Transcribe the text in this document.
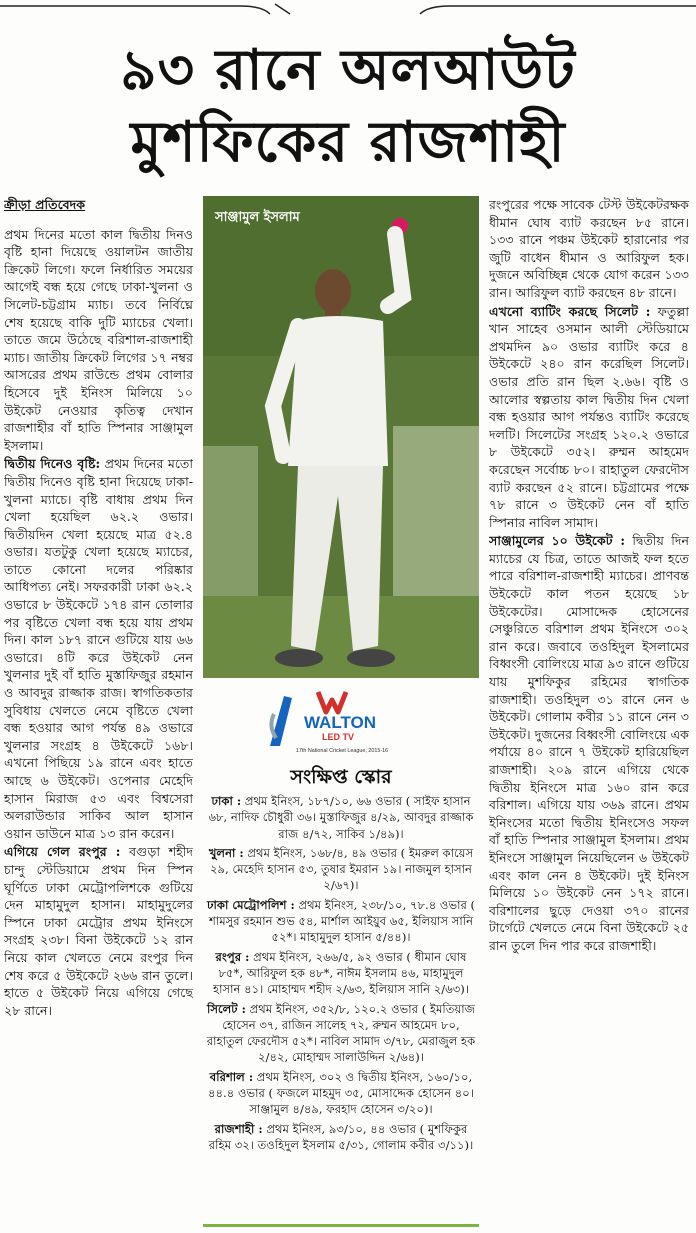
৯৩ রানে অলআউট
মুশফিকের রাজশাহী

ক্রীড়া প্রতিবেদক

প্রথম দিনের মতো কাল দ্বিতীয় দিনও বৃষ্টি হানা দিয়েছে ওয়ালটন জাতীয় ক্রিকেট লিগে। ফলে নির্ধারিত সময়ের আগেই বন্ধ হয়ে গেছে ঢাকা-খুলনা ও সিলেট-চট্টগ্রাম ম্যাচ। তবে নির্বিঘ্নে শেষ হয়েছে বাকি দুটি ম্যাচের খেলা। তাতে জমে উঠেছে বরিশাল-রাজশাহী ম্যাচ। জাতীয় ক্রিকেট লিগের ১৭ নম্বর আসরের প্রথম রাউন্ডে প্রথম বোলার হিসেবে দুই ইনিংস মিলিয়ে ১০ উইকেট নেওয়ার কৃতিত্ব দেখান রাজশাহীর বাঁ হাতি স্পিনার সাঞ্জামুল ইসলাম।

দ্বিতীয় দিনেও বৃষ্টি: প্রথম দিনের মতো দ্বিতীয় দিনেও বৃষ্টি হানা দিয়েছে ঢাকা-খুলনা ম্যাচে। বৃষ্টি বাধায় প্রথম দিন খেলা হয়েছিল ৬২.২ ওভার। দ্বিতীয়দিন খেলা হয়েছে মাত্র ৫২.৪ ওভার। যতটুকু খেলা হয়েছে ম্যাচের, তাতে কোনো দলের পরিষ্কার আধিপত্য নেই। সফরকারী ঢাকা ৬২.২ ওভারে ৮ উইকেটে ১৭৪ রান তোলার পর বৃষ্টিতে খেলা বন্ধ হয়ে যায় প্রথম দিন। কাল ১৮৭ রানে গুটিয়ে যায় ৬৬ ওভারে। ৪টি করে উইকেট নেন খুলনার দুই বাঁ হাতি মুস্তাফিজুর রহমান ও আবদুর রাজ্জাক রাজ। স্বাগতিকতার সুবিধায় খেলতে নেমে বৃষ্টিতে খেলা বন্ধ হওয়ার আগ পর্যন্ত ৪৯ ওভারে খুলনার সংগ্রহ ৪ উইকেটে ১৬৮। এখনো পিছিয়ে ১৯ রানে এবং হাতে আছে ৬ উইকেট। ওপেনার মেহেদি হাসান মিরাজ ৫৩ এবং বিশ্বসেরা অলরাউন্ডার সাকিব আল হাসান ওয়ান ডাউনে মাত্র ১৩ রান করেন।

এগিয়ে গেল রংপুর : বগুড়া শহীদ চান্দু স্টেডিয়ামে প্রথম দিন স্পিন ঘূর্ণিতে ঢাকা মেট্রোপলিশকে গুটিয়ে দেন মাহামুদুল হাসান। মাহামুদুলের স্পিনে ঢাকা মেট্রোর প্রথম ইনিংসে সংগ্রহ ২৩৮। বিনা উইকেটে ১২ রান নিয়ে কাল খেলতে নেমে রংপুর দিন শেষ করে ৫ উইকেটে ২৬৬ রান তুলে। হাতে ৫ উইকেট নিয়ে এগিয়ে গেছে ২৮ রানে।

সাঞ্জামুল ইসলাম
WALTON
LED TV
17th National Cricket League, 2015-16
সংক্ষিপ্ত স্কোর

ঢাকা : প্রথম ইনিংস, ১৮৭/১০, ৬৬ ওভার ( সাইফ হাসান ৬৮, নাদিফ চৌধুরী ৩৬। মুস্তাফিজুর ৪/২৯, আবদুর রাজ্জাক রাজ ৪/৭২, সাকিব ১/৪৯)।

খুলনা : প্রথম ইনিংস, ১৬৮/৪, ৪৯ ওভার ( ইমরুল কায়েস ২৯, মেহেদি হাসান ৫৩, তুষার ইমরান ১৯। নাজমুল হাসান ২/৬৭)।

ঢাকা মেট্রোপলিশ : প্রথম ইনিংস, ২৩৮/১০, ৭৮.৪ ওভার ( শামসুর রহমান শুভ ৫৪, মার্শাল আইয়ুব ৬৫, ইলিয়াস সানি ৫২*। মাহামুদুল হাসান ৫/৪৪)।

রংপুর : প্রথম ইনিংস, ২৬৬/৫, ৯২ ওভার ( ধীমান ঘোষ ৮৫*, আরিফুল হক ৪৮*, নাঈম ইসলাম ৪৬, মাহামুদুল হাসান ৪১। মোহাম্মদ শহীদ ২/৬৩, ইলিয়াস সানি ২/৬৩)।

সিলেট : প্রথম ইনিংস, ৩৫২/৮, ১২০.২ ওভার ( ইমতিয়াজ হোসেন ৩৭, রাজিন সালেহ ৭২, রুম্মন আহমেদ ৮০, রাহাতুল ফেরদৌস ৫২*। নাবিল সামাদ ৩/৭৮, মেরাজুল হক ২/৪২, মোহাম্মদ সালাউদ্দিন ২/৬৪)।

বরিশাল : প্রথম ইনিংস, ৩০২ ও দ্বিতীয় ইনিংস, ১৬০/১০, ৪৪.৪ ওভার ( ফজলে মাহমুদ ৩৫, মোসাদ্দেক হোসেন ৪০। সাঞ্জামুল ৪/৪৯, ফরহাদ হোসেন ৩/২০)।

রাজশাহী : প্রথম ইনিংস, ৯৩/১০, ৪৪ ওভার ( মুশফিকুর রহিম ৩২। তওহিদুল ইসলাম ৫/৩১, গোলাম কবীর ৩/১১)।

রংপুরের পক্ষে সাবেক টেস্ট উইকেটরক্ষক ধীমান ঘোষ ব্যাট করছেন ৮৫ রানে। ১৩৩ রানে পঞ্চম উইকেট হারানোর পর জুটি বাধেন ধীমান ও আরিফুল হক। দুজনে অবিচ্ছিন্ন থেকে যোগ করেন ১৩৩ রান। আরিফুল ব্যাট করছেন ৪৮ রানে।

এখনো ব্যাটিং করছে সিলেট : ফতুল্লা খান সাহেব ওসমান আলী স্টেডিয়ামে প্রথমদিন ৯০ ওভার ব্যাটিং করে ৪ উইকেটে ২৪০ রান করেছিল সিলেট। ওভার প্রতি রান ছিল ২.৬৬। বৃষ্টি ও আলোর স্বল্পতায় কাল দ্বিতীয় দিন খেলা বন্ধ হওয়ার আগ পর্যন্তও ব্যাটিং করেছে দলটি। সিলেটের সংগ্রহ ১২০.২ ওভারে ৮ উইকেটে ৩৫২। রুম্মন আহমেদ করেছেন সর্বোচ্চ ৮০। রাহাতুল ফেরদৌস ব্যাট করছেন ৫২ রানে। চট্টগ্রামের পক্ষে ৭৮ রানে ৩ উইকেট নেন বাঁ হাতি স্পিনার নাবিল সামাদ।

সাঞ্জামুলের ১০ উইকেট : দ্বিতীয় দিন ম্যাচের যে চিত্র, তাতে আজই ফল হতে পারে বরিশাল-রাজশাহী ম্যাচের। প্রাণবন্ত উইকেটে কাল পতন হয়েছে ১৮ উইকেটের। মোসাদ্দেক হোসেনের সেঞ্চুরিতে বরিশাল প্রথম ইনিংসে ৩০২ রান করে। জবাবে তওহিদুল ইসলামের বিধ্বংসী বোলিংয়ে মাত্র ৯৩ রানে গুটিয়ে যায় মুশফিকুর রহিমের স্বাগতিক রাজশাহী। তওহিদুল ৩১ রানে নেন ৬ উইকেট। গোলাম কবীর ১১ রানে নেন ৩ উইকেট। দুজনের বিধ্বংসী বোলিংয়ে এক পর্যায়ে ৪০ রানে ৭ উইকেট হারিয়েছিল রাজশাহী। ২০৯ রানে এগিয়ে থেকে দ্বিতীয় ইনিংসে মাত্র ১৬০ রান করে বরিশাল। এগিয়ে যায় ৩৬৯ রানে। প্রথম ইনিংসের মতো দ্বিতীয় ইনিংসেও সফল বাঁ হাতি স্পিনার সাঞ্জামুল ইসলাম। প্রথম ইনিংসে সাঞ্জামুল নিয়েছিলেন ৬ উইকেট এবং কাল নেন ৪ উইকেট। দুই ইনিংস মিলিয়ে ১০ উইকেট নেন ১৭২ রানে। বরিশালের ছুড়ে দেওয়া ৩৭০ রানের টার্গেটে খেলতে নেমে বিনা উইকেটে ২৫ রান তুলে দিন পার করে রাজশাহী।
